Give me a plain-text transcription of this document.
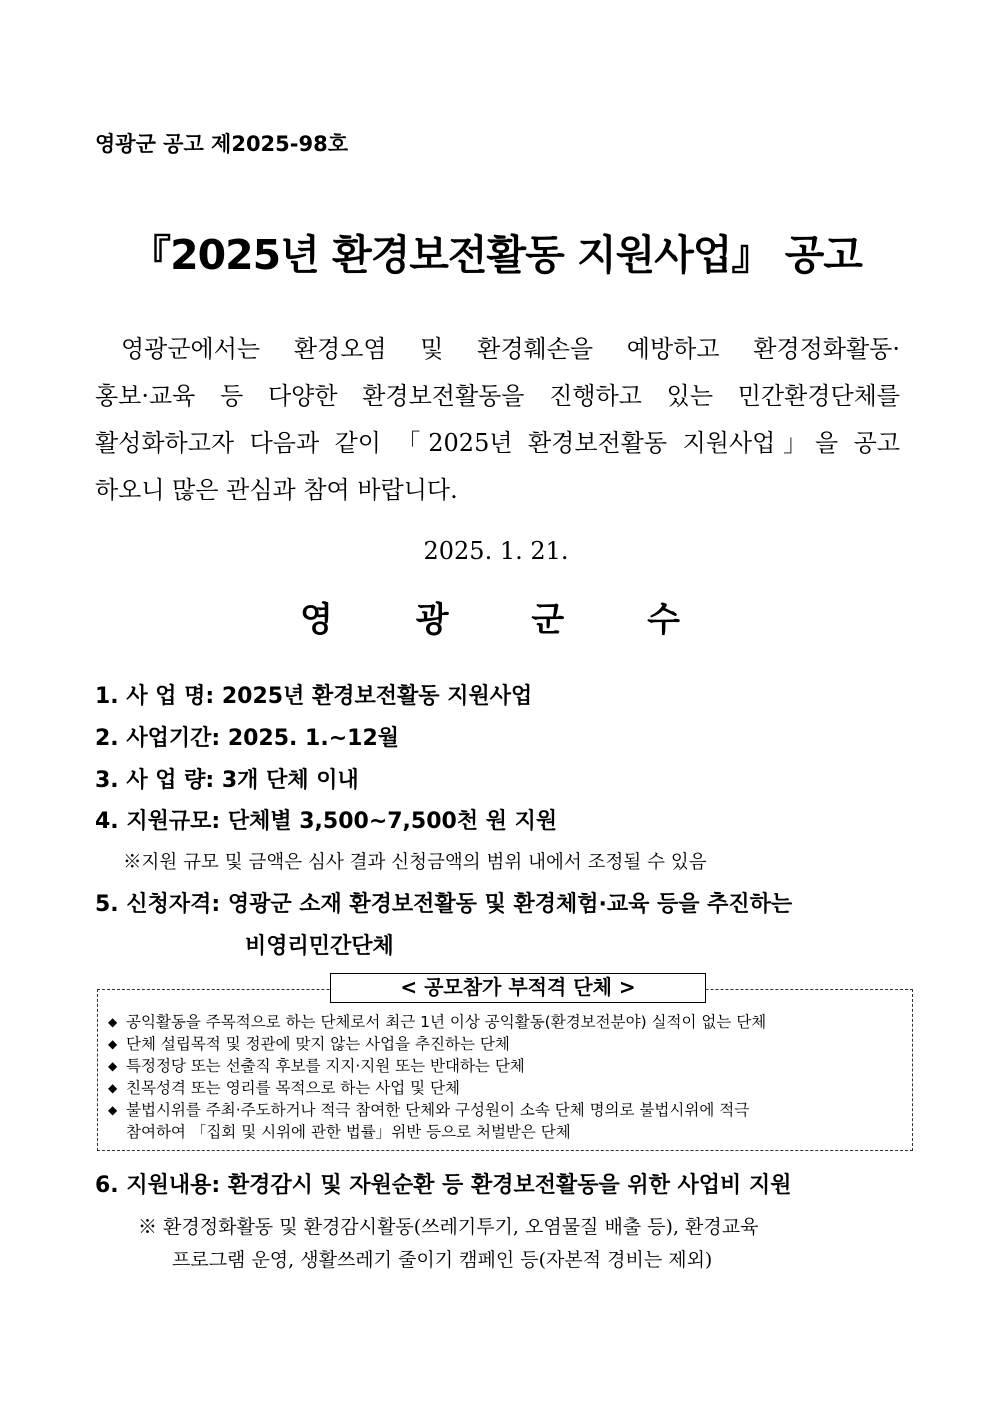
영광군 공고 제2025-98호
『2025년 환경보전활동 지원사업』 공고
영광군에서는 환경오염 및 환경훼손을 예방하고 환경정화활동·
홍보·교육 등 다양한 환경보전활동을 진행하고 있는 민간환경단체를
활성화하고자 다음과 같이 「2025년 환경보전활동 지원사업」을 공고
하오니 많은 관심과 참여 바랍니다.
2025. 1. 21.
영 광 군 수
1. 사 업 명: 2025년 환경보전활동 지원사업
2. 사업기간: 2025. 1.~12월
3. 사 업 량: 3개 단체 이내
4. 지원규모: 단체별 3,500~7,500천 원 지원
※지원 규모 및 금액은 심사 결과 신청금액의 범위 내에서 조정될 수 있음
5. 신청자격: 영광군 소재 환경보전활동 및 환경체험·교육 등을 추진하는
비영리민간단체
< 공모참가 부적격 단체 >
◆ 공익활동을 주목적으로 하는 단체로서 최근 1년 이상 공익활동(환경보전분야) 실적이 없는 단체
◆ 단체 설립목적 및 정관에 맞지 않는 사업을 추진하는 단체
◆ 특정정당 또는 선출직 후보를 지지·지원 또는 반대하는 단체
◆ 친목성격 또는 영리를 목적으로 하는 사업 및 단체
◆ 불법시위를 주최·주도하거나 적극 참여한 단체와 구성원이 소속 단체 명의로 불법시위에 적극
참여하여 「집회 및 시위에 관한 법률」위반 등으로 처벌받은 단체
6. 지원내용: 환경감시 및 자원순환 등 환경보전활동을 위한 사업비 지원
※ 환경정화활동 및 환경감시활동(쓰레기투기, 오염물질 배출 등), 환경교육
프로그램 운영, 생활쓰레기 줄이기 캠페인 등(자본적 경비는 제외)
